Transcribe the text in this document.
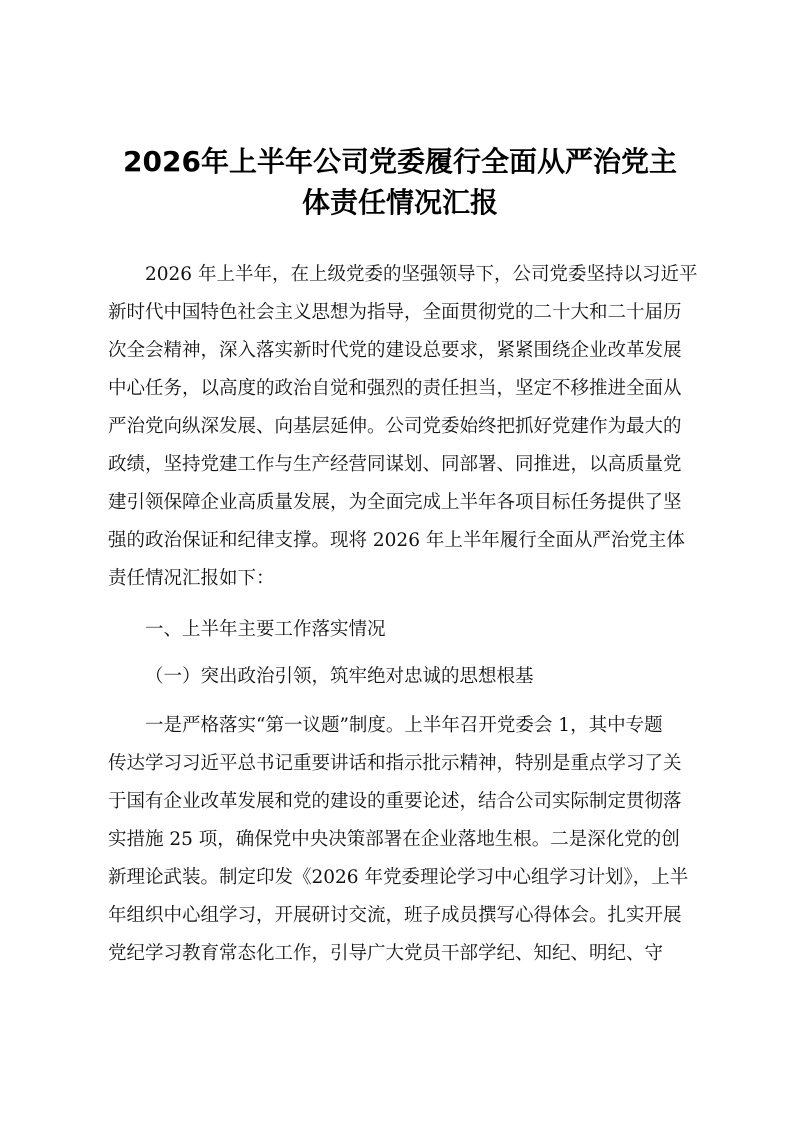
2026年上半年公司党委履行全面从严治党主
体责任情况汇报
2026 年上半年，在上级党委的坚强领导下，公司党委坚持以习近平
新时代中国特色社会主义思想为指导，全面贯彻党的二十大和二十届历
次全会精神，深入落实新时代党的建设总要求，紧紧围绕企业改革发展
中心任务，以高度的政治自觉和强烈的责任担当，坚定不移推进全面从
严治党向纵深发展、向基层延伸。公司党委始终把抓好党建作为最大的
政绩，坚持党建工作与生产经营同谋划、同部署、同推进，以高质量党
建引领保障企业高质量发展，为全面完成上半年各项目标任务提供了坚
强的政治保证和纪律支撑。现将 2026 年上半年履行全面从严治党主体
责任情况汇报如下：
一、上半年主要工作落实情况
（一）突出政治引领，筑牢绝对忠诚的思想根基
一是严格落实“第一议题”制度。上半年召开党委会 1，其中专题
传达学习习近平总书记重要讲话和指示批示精神，特别是重点学习了关
于国有企业改革发展和党的建设的重要论述，结合公司实际制定贯彻落
实措施 25 项，确保党中央决策部署在企业落地生根。二是深化党的创
新理论武装。制定印发《2026 年党委理论学习中心组学习计划》，上半
年组织中心组学习，开展研讨交流，班子成员撰写心得体会。扎实开展
党纪学习教育常态化工作，引导广大党员干部学纪、知纪、明纪、守
